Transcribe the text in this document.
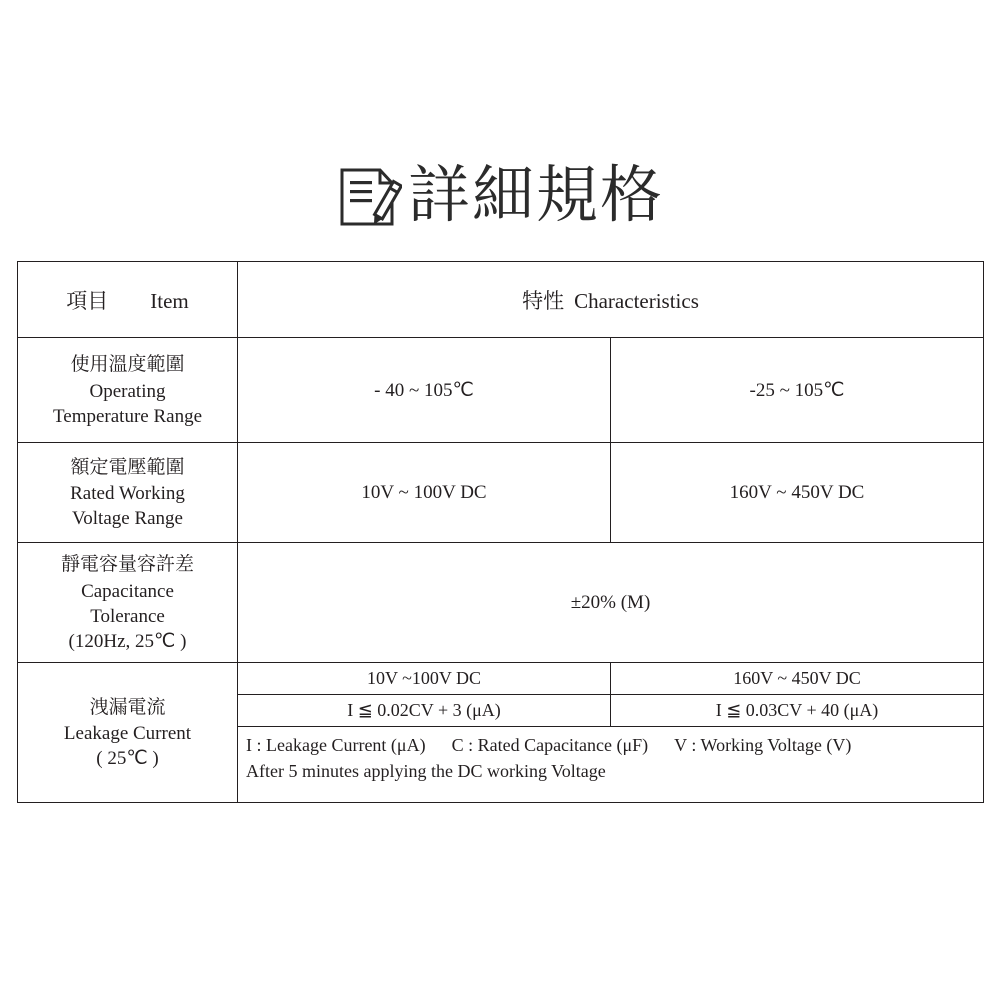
詳細規格
項目 Item	特性 Characteristics

使用溫度範圍
Operating
Temperature Range
	- 40 ~ 105℃	-25 ~ 105℃

額定電壓範圍
Rated Working
Voltage Range
	10V ~ 100V DC	160V ~ 450V DC

靜電容量容許差
Capacitance
Tolerance
(120Hz, 25℃ )
	±20% (M)

洩漏電流
Leakage Current
( 25℃ )

10V ~100V DC	160V ~ 450V DC
I ≦ 0.02CV + 3 (μA)	I ≦ 0.03CV + 40 (μA)

I : Leakage Current (μA) C : Rated Capacitance (μF) V : Working Voltage (V)
After 5 minutes applying the DC working Voltage
